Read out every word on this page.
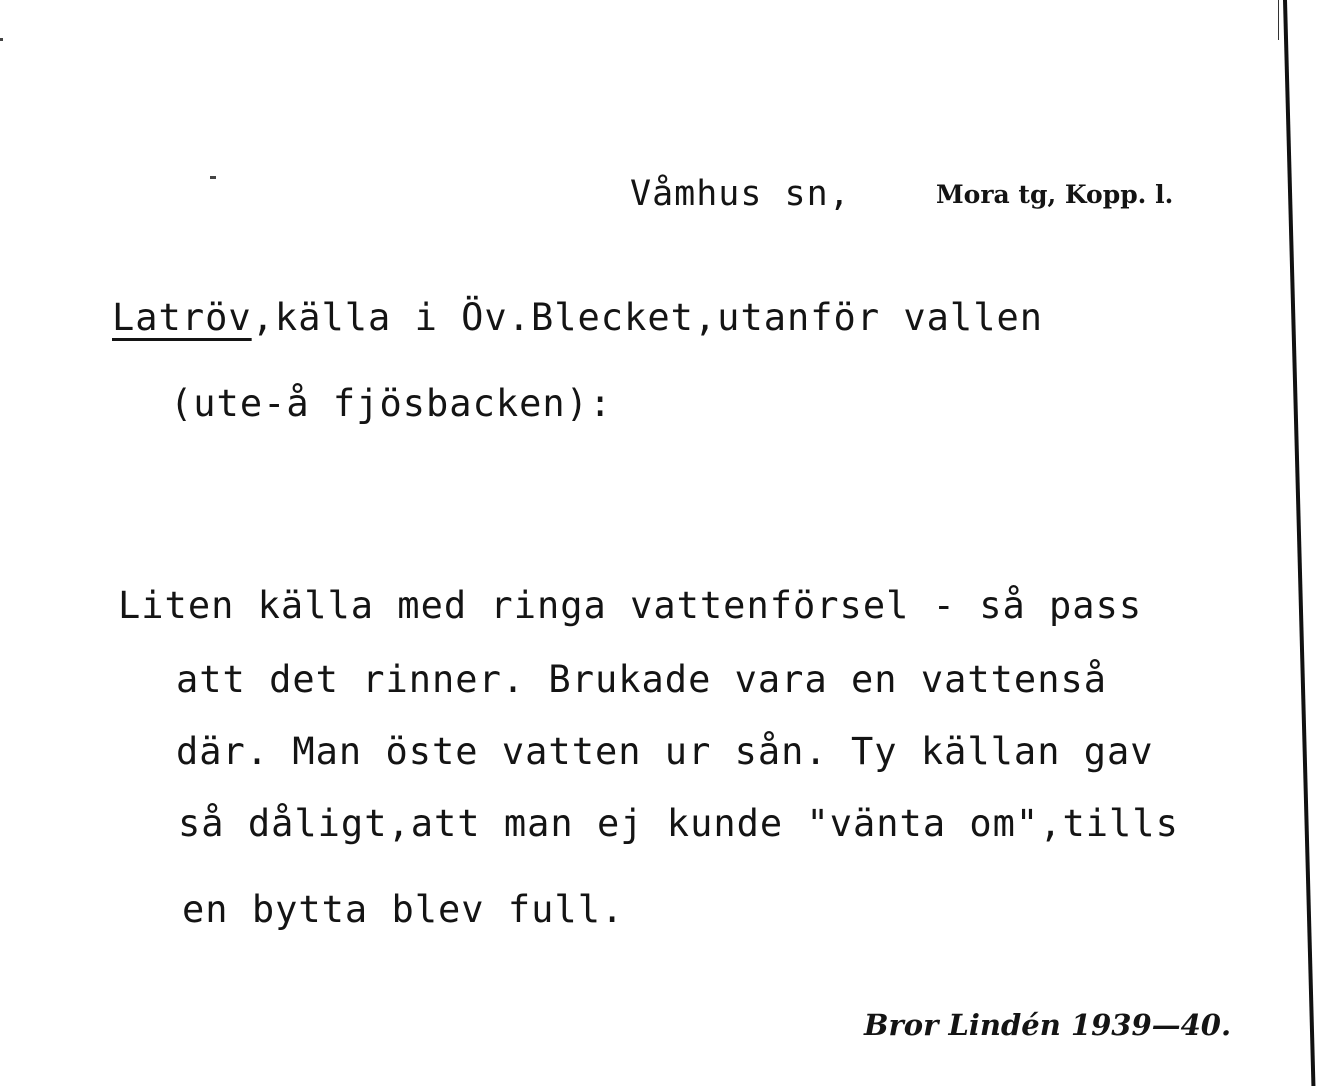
Våmhus sn,	Mora tg, Kopp. l.
Latröv,källa i Öv.Blecket,utanför vallen
(ute-å fjösbacken):
Liten källa med ringa vattenförsel - så pass
att det rinner. Brukade vara en vattenså
där. Man öste vatten ur sån. Ty källan gav
så dåligt,att man ej kunde "vänta om",tills
en bytta blev full.
Bror Lindén 1939—40.
